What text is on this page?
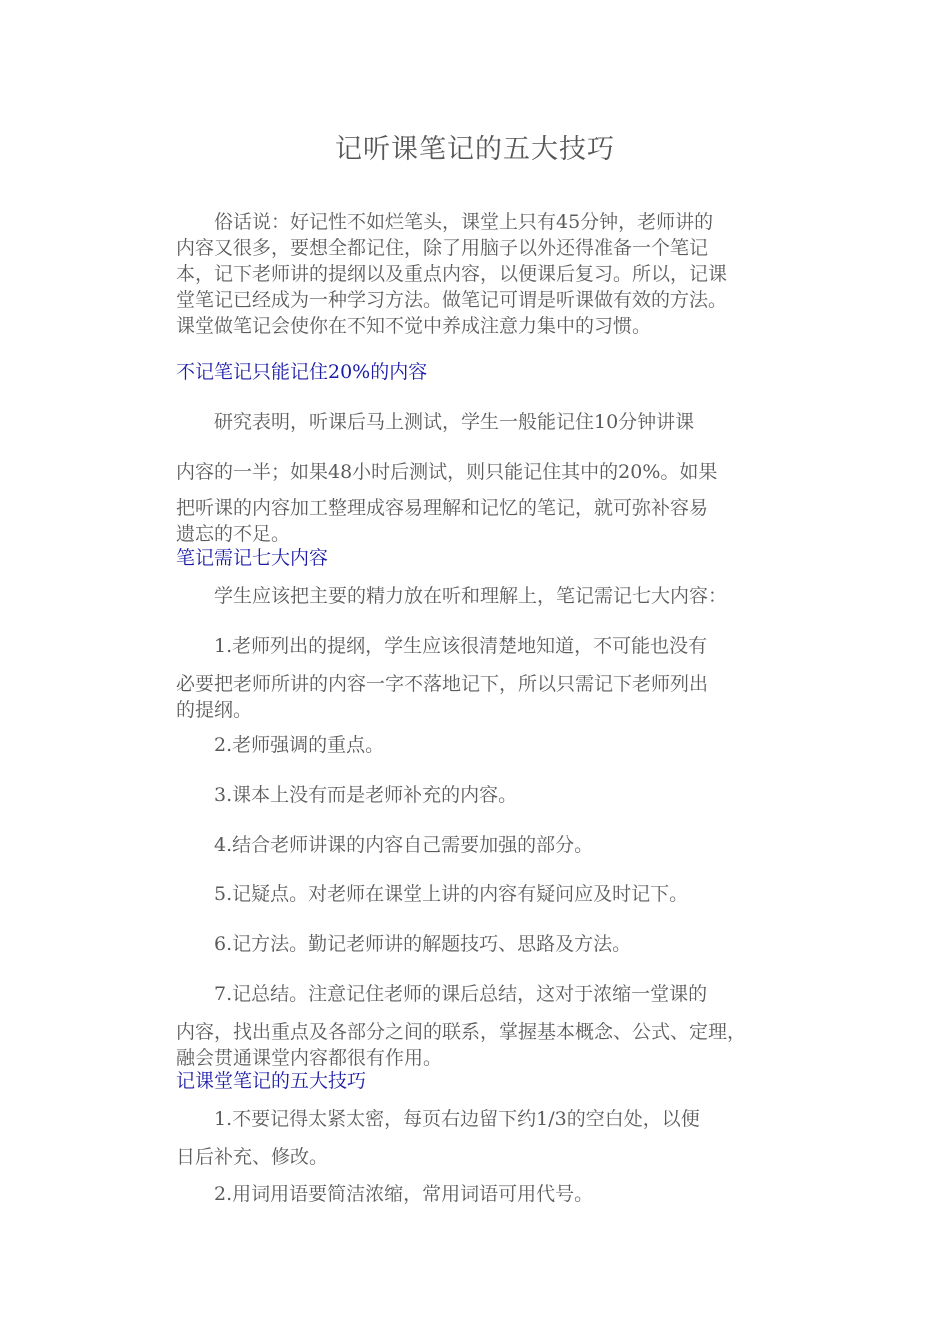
记听课笔记的五大技巧
　　俗话说：好记性不如烂笔头，课堂上只有45分钟，老师讲的
内容又很多，要想全都记住，除了用脑子以外还得准备一个笔记
本，记下老师讲的提纲以及重点内容，以便课后复习。所以，记课
堂笔记已经成为一种学习方法。做笔记可谓是听课做有效的方法。
课堂做笔记会使你在不知不觉中养成注意力集中的习惯。
不记笔记只能记住20%的内容
　　研究表明，听课后马上测试，学生一般能记住10分钟讲课
内容的一半；如果48小时后测试，则只能记住其中的20%。如果
把听课的内容加工整理成容易理解和记忆的笔记，就可弥补容易
遗忘的不足。
笔记需记七大内容
　　学生应该把主要的精力放在听和理解上，笔记需记七大内容：
　　1.老师列出的提纲，学生应该很清楚地知道，不可能也没有
必要把老师所讲的内容一字不落地记下，所以只需记下老师列出
的提纲。
　　2.老师强调的重点。
　　3.课本上没有而是老师补充的内容。
　　4.结合老师讲课的内容自己需要加强的部分。
　　5.记疑点。对老师在课堂上讲的内容有疑问应及时记下。
　　6.记方法。勤记老师讲的解题技巧、思路及方法。
　　7.记总结。注意记住老师的课后总结，这对于浓缩一堂课的
内容，找出重点及各部分之间的联系，掌握基本概念、公式、定理，
融会贯通课堂内容都很有作用。
记课堂笔记的五大技巧
　　1.不要记得太紧太密，每页右边留下约1/3的空白处，以便
日后补充、修改。
　　2.用词用语要简洁浓缩，常用词语可用代号。
